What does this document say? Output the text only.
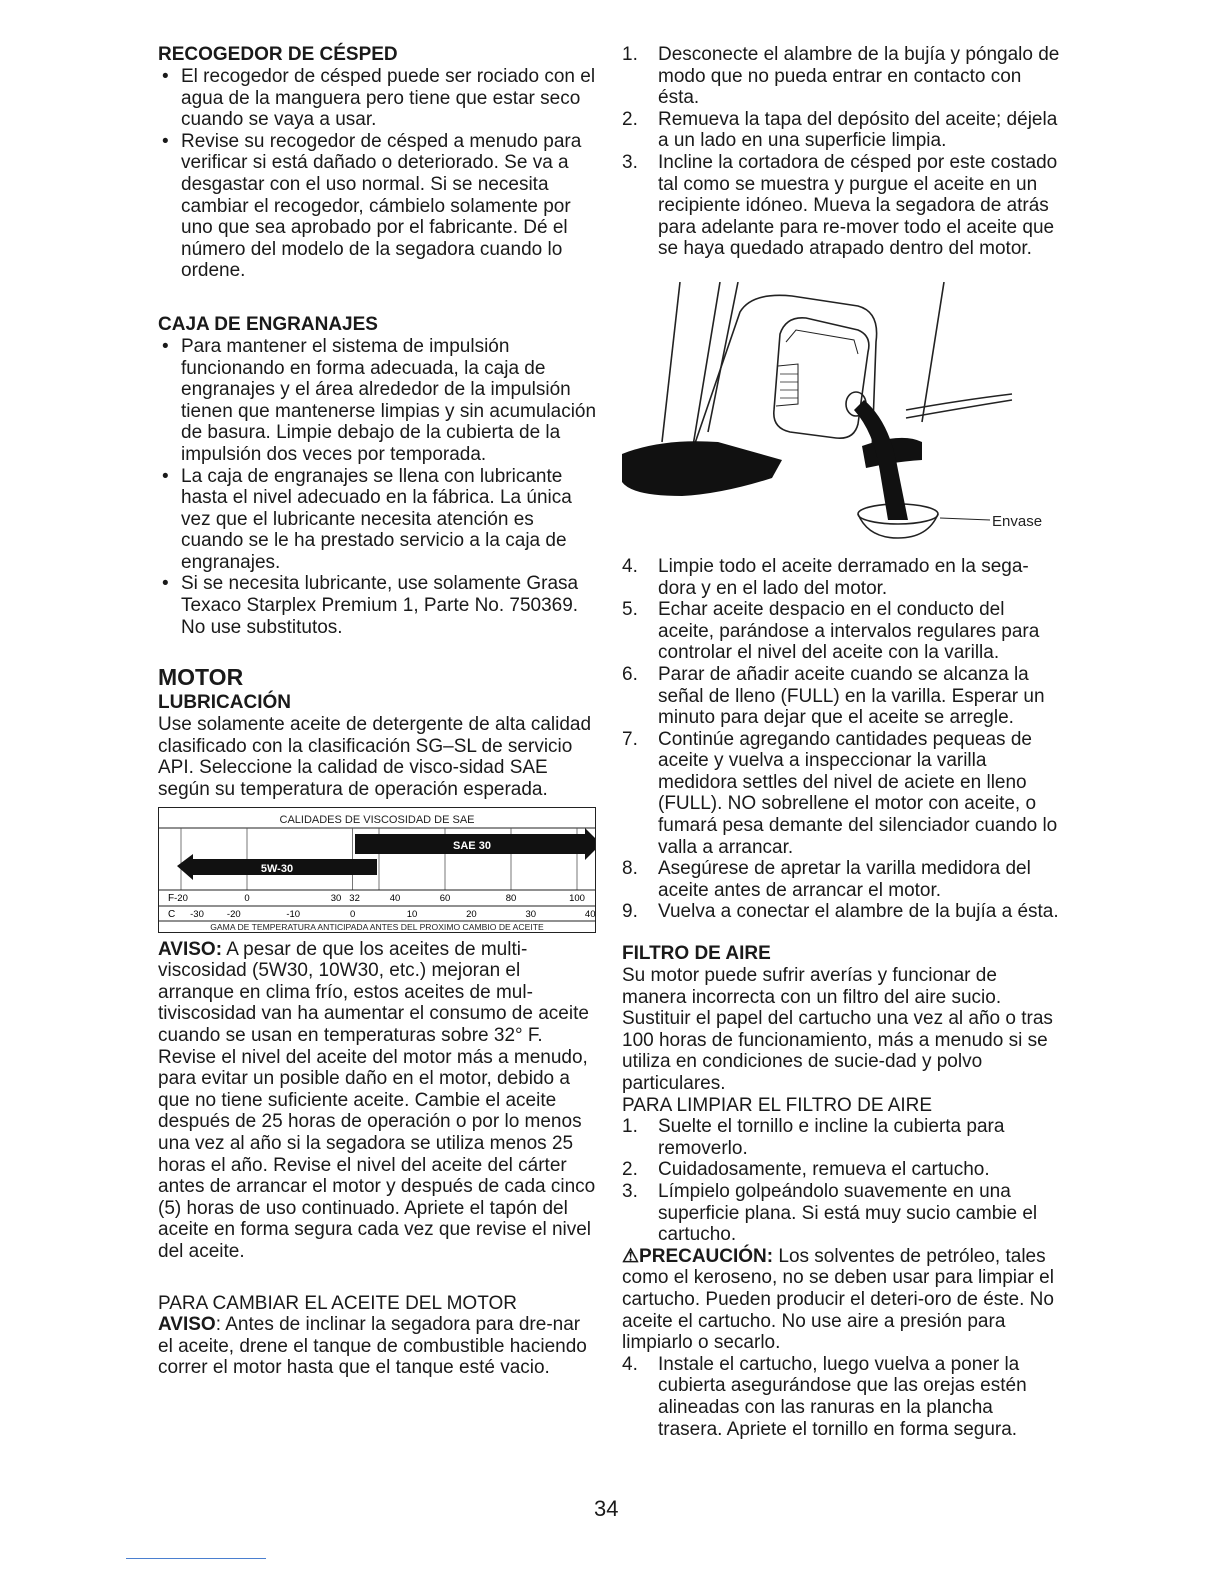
RECOGEDOR DE CÉSPED
• El recogedor de césped puede ser rociado con el agua de la manguera pero tiene que estar seco cuando se vaya a usar.
• Revise su recogedor de césped a menudo para verificar si está dañado o deteriorado. Se va a desgastar con el uso normal. Si se necesita cambiar el recogedor, cámbielo solamente por uno que sea aprobado por el fabricante. Dé el número del modelo de la segadora cuando lo ordene.
CAJA DE ENGRANAJES
• Para mantener el sistema de impulsión funcionando en forma adecuada, la caja de engranajes y el área alrededor de la impulsión tienen que mantenerse limpias y sin acumulación de basura. Limpie debajo de la cubierta de la impulsión dos veces por temporada.
• La caja de engranajes se llena con lubricante hasta el nivel adecuado en la fábrica. La única vez que el lubricante necesita atención es cuando se le ha prestado servicio a la caja de engranajes.
• Si se necesita lubricante, use solamente Grasa Texaco Starplex Premium 1, Parte No. 750369. No use substitutos.
MOTOR
LUBRICACIÓN

Use solamente aceite de detergente de alta calidad clasificado con la clasificación SG–SL de servicio API. Seleccione la calidad de visco-sidad SAE según su temperatura de operación esperada.

CALIDADES DE VISCOSIDAD DE SAE
SAE 30
5W-30
F
C
-20	0	30 32	40	60	80	100
-30 -20	-10	0	10	20	30	40
GAMA DE TEMPERATURA ANTICIPADA ANTES DEL PROXIMO CAMBIO DE ACEITE

AVISO: A pesar de que los aceites de multi-viscosidad (5W30, 10W30, etc.) mejoran el arranque en clima frío, estos aceites de mul-tiviscosidad van ha aumentar el consumo de aceite cuando se usan en temperaturas sobre 32° F. Revise el nivel del aceite del motor más a menudo, para evitar un posible daño en el motor, debido a que no tiene suficiente aceite. Cambie el aceite después de 25 horas de operación o por lo menos una vez al año si la segadora se utiliza menos 25 horas el año. Revise el nivel del aceite del cárter antes de arrancar el motor y después de cada cinco (5) horas de uso continuado. Apriete el tapón del aceite en forma segura cada vez que revise el nivel del aceite.

PARA CAMBIAR EL ACEITE DEL MOTOR

AVISO: Antes de inclinar la segadora para dre-nar el aceite, drene el tanque de combustible haciendo correr el motor hasta que el tanque esté vacio.

1. Desconecte el alambre de la bujía y póngalo de modo que no pueda entrar en contacto con ésta.
2. Remueva la tapa del depósito del aceite; déjela a un lado en una superficie limpia.
3. Incline la cortadora de césped por este costado tal como se muestra y purgue el aceite en un recipiente idóneo. Mueva la segadora de atrás para adelante para re-mover todo el aceite que se haya quedado atrapado dentro del motor.
Envase
4. Limpie todo el aceite derramado en la sega-dora y en el lado del motor.
5. Echar aceite despacio en el conducto del aceite, parándose a intervalos regulares para controlar el nivel del aceite con la varilla.
6. Parar de añadir aceite cuando se alcanza la señal de lleno (FULL) en la varilla. Esperar un minuto para dejar que el aceite se arregle.
7. Continúe agregando cantidades pequeas de aceite y vuelva a inspeccionar la varilla medidora settles del nivel de aciete en lleno (FULL). NO sobrellene el motor con aceite, o fumará pesa demante del silenciador cuando lo valla a arrancar.
8. Asegúrese de apretar la varilla medidora del aceite antes de arrancar el motor.
9. Vuelva a conectar el alambre de la bujía a ésta.
FILTRO DE AIRE

Su motor puede sufrir averías y funcionar de manera incorrecta con un filtro del aire sucio. Sustituir el papel del cartucho una vez al año o tras 100 horas de funcionamiento, más a menudo si se utiliza en condiciones de sucie-dad y polvo particulares.

PARA LIMPIAR EL FILTRO DE AIRE

1. Suelte el tornillo e incline la cubierta para removerlo.
2. Cuidadosamente, remueva el cartucho.
3. Límpielo golpeándolo suavemente en una superficie plana. Si está muy sucio cambie el cartucho.

⚠PRECAUCIÓN: Los solventes de petróleo, tales como el keroseno, no se deben usar para limpiar el cartucho. Pueden producir el deteri-oro de éste. No aceite el cartucho. No use aire a presión para limpiarlo o secarlo.

4. Instale el cartucho, luego vuelva a poner la cubierta asegurándose que las orejas estén alineadas con las ranuras en la plancha trasera. Apriete el tornillo en forma segura.
34
